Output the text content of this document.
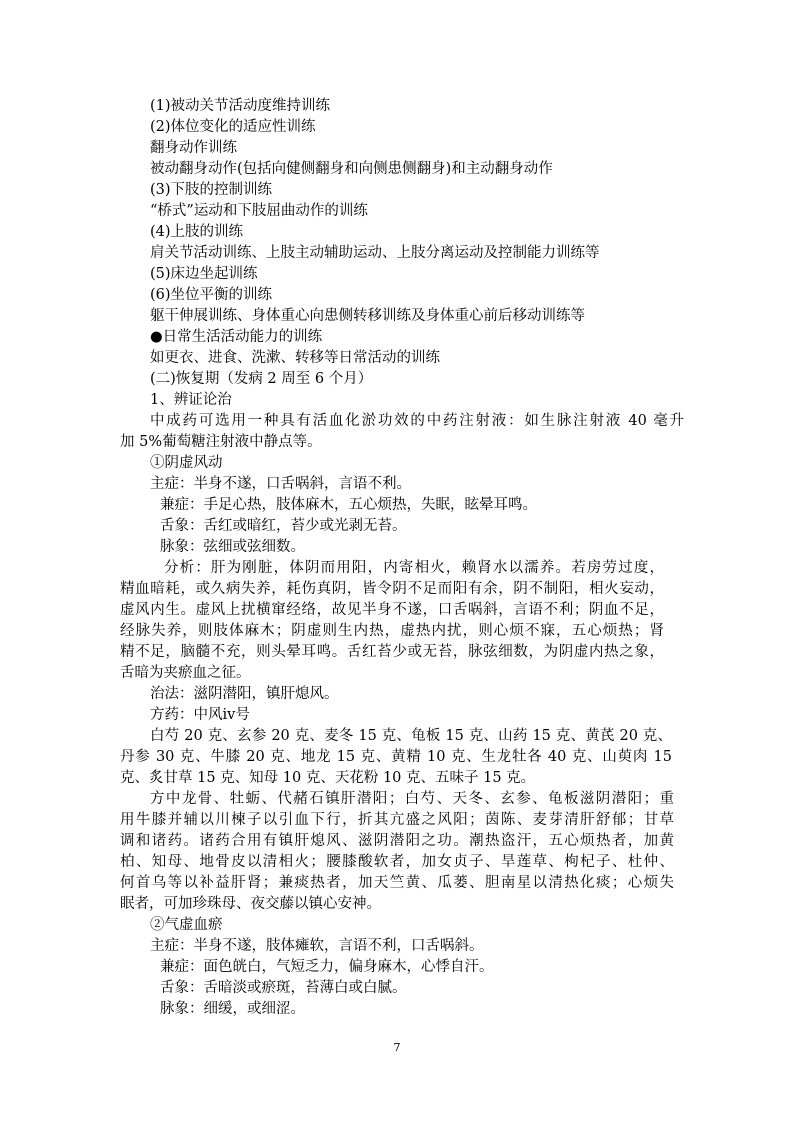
(1)被动关节活动度维持训练
(2)体位变化的适应性训练
翻身动作训练
被动翻身动作(包括向健侧翻身和向侧患侧翻身)和主动翻身动作
(3)下肢的控制训练
“桥式”运动和下肢屈曲动作的训练
(4)上肢的训练
肩关节活动训练、上肢主动辅助运动、上肢分离运动及控制能力训练等
(5)床边坐起训练
(6)坐位平衡的训练
躯干伸展训练、身体重心向患侧转移训练及身体重心前后移动训练等
●日常生活活动能力的训练
如更衣、进食、洗漱、转移等日常活动的训练
(二)恢复期（发病 2 周至 6 个月）
1、辨证论治
中成药可选用一种具有活血化淤功效的中药注射液：如生脉注射液 40 毫升
加 5%葡萄糖注射液中静点等。
①阴虚风动
主症：半身不遂，口舌㖞斜，言语不利。
兼症：手足心热，肢体麻木，五心烦热，失眠，眩晕耳鸣。
舌象：舌红或暗红，苔少或光剥无苔。
脉象：弦细或弦细数。
分析：肝为刚脏，体阴而用阳，内寄相火，赖肾水以濡养。若房劳过度，
精血暗耗，或久病失养，耗伤真阴，皆令阴不足而阳有余，阴不制阳，相火妄动，
虚风内生。虚风上扰横窜经络，故见半身不遂，口舌㖞斜，言语不利；阴血不足，
经脉失养，则肢体麻木；阴虚则生内热，虚热内扰，则心烦不寐，五心烦热；肾
精不足，脑髓不充，则头晕耳鸣。舌红苔少或无苔，脉弦细数，为阴虚内热之象，
舌暗为夹瘀血之征。
治法：滋阴潜阳，镇肝熄风。
方药：中风ⅳ号
白芍 20 克、玄参 20 克、麦冬 15 克、龟板 15 克、山药 15 克、黄芪 20 克、
丹参 30 克、牛膝 20 克、地龙 15 克、黄精 10 克、生龙牡各 40 克、山萸肉 15
克、炙甘草 15 克、知母 10 克、天花粉 10 克、五味子 15 克。
方中龙骨、牡蛎、代赭石镇肝潜阳；白芍、天冬、玄参、龟板滋阴潜阳；重
用牛膝并辅以川楝子以引血下行，折其亢盛之风阳；茵陈、麦芽清肝舒郁；甘草
调和诸药。诸药合用有镇肝熄风、滋阴潜阳之功。潮热盗汗，五心烦热者，加黄
柏、知母、地骨皮以清相火；腰膝酸软者，加女贞子、旱莲草、枸杞子、杜仲、
何首乌等以补益肝肾；兼痰热者，加天竺黄、瓜蒌、胆南星以清热化痰；心烦失
眠者，可加珍珠母、夜交藤以镇心安神。
②气虚血瘀
主症：半身不遂，肢体瘫软，言语不利，口舌㖞斜。
兼症：面色㿠白，气短乏力，偏身麻木，心悸自汗。
舌象：舌暗淡或瘀斑，苔薄白或白腻。
脉象：细缓，或细涩。
7
